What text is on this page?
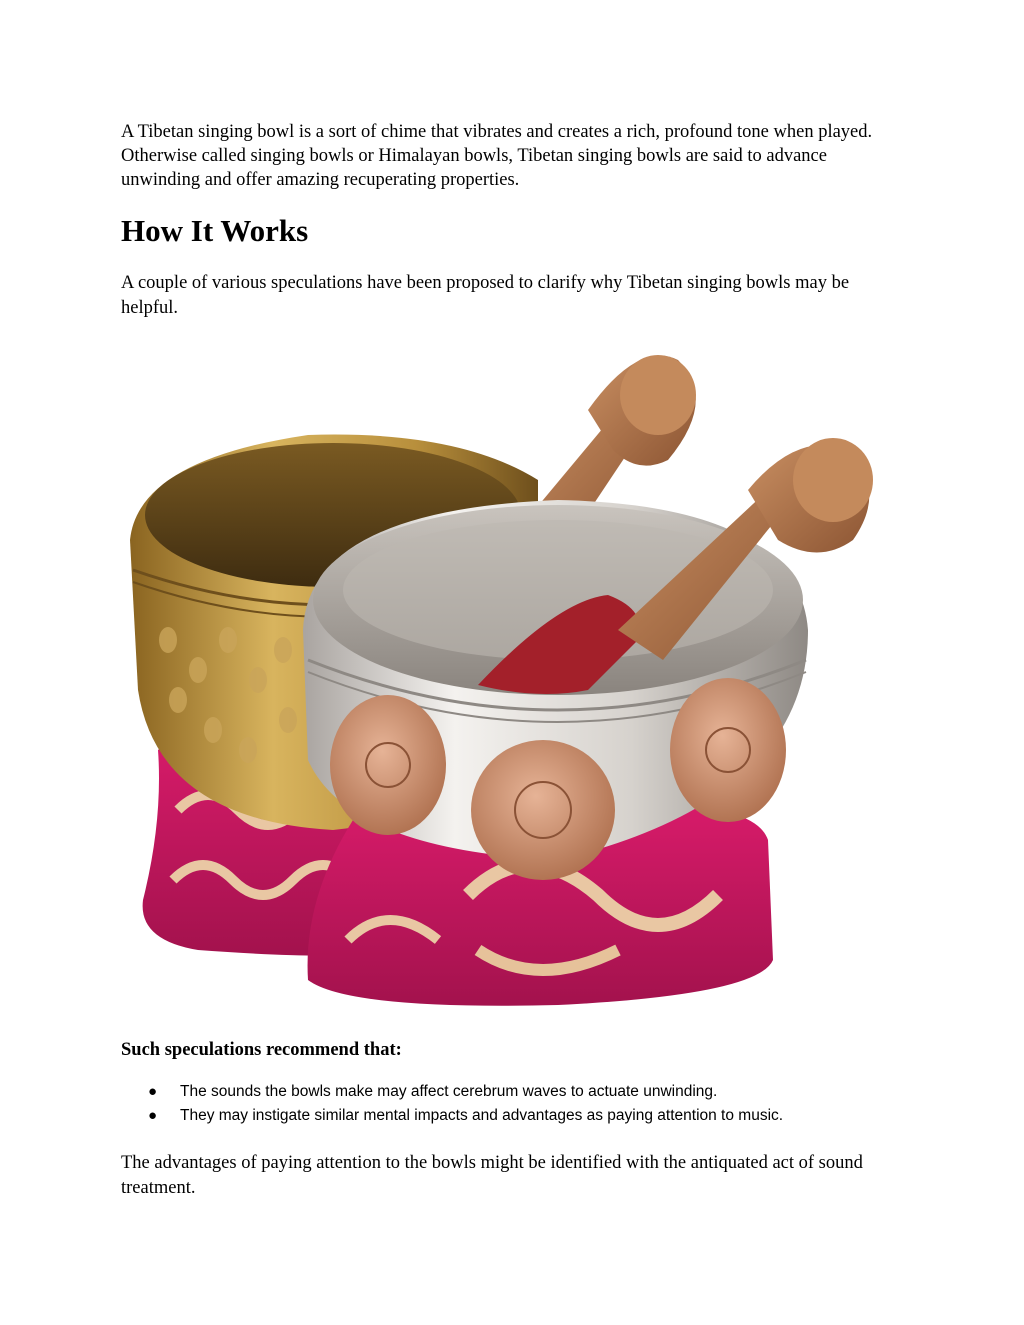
A Tibetan singing bowl is a sort of chime that vibrates and creates a rich, profound tone when played. Otherwise called singing bowls or Himalayan bowls, Tibetan singing bowls are said to advance unwinding and offer amazing recuperating properties.

How It Works

A couple of various speculations have been proposed to clarify why Tibetan singing bowls may be helpful.

Such speculations recommend that:

● The sounds the bowls make may affect cerebrum waves to actuate unwinding.
● They may instigate similar mental impacts and advantages as paying attention to music.

The advantages of paying attention to the bowls might be identified with the antiquated act of sound treatment.
